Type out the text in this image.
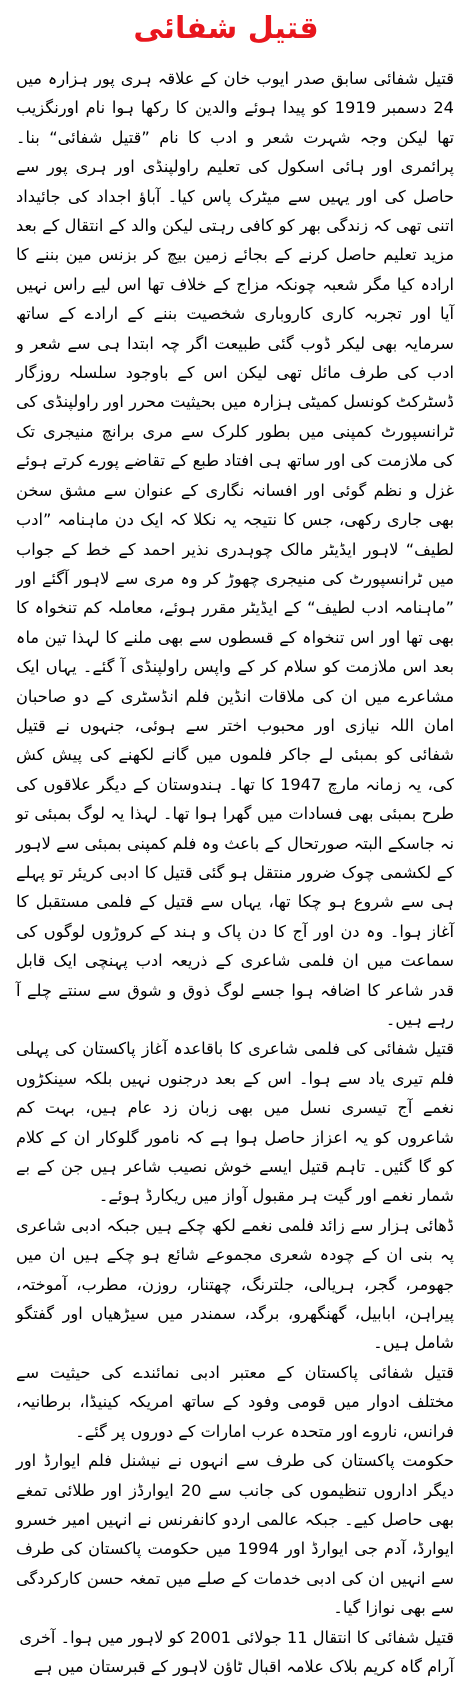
قتیل شفائی

قتیل شفائی سابق صدر ایوب خان کے علاقہ ہری پور ہزارہ میں 24 دسمبر 1919 کو پیدا ہوئے والدین کا رکھا ہوا نام اورنگزیب تھا لیکن وجہ شہرت شعر و ادب کا نام ”قتیل شفائی“ بنا۔ پرائمری اور ہائی اسکول کی تعلیم راولپنڈی اور ہری پور سے حاصل کی اور یہیں سے میٹرک پاس کیا۔ آباؤ اجداد کی جائیداد اتنی تھی کہ زندگی بھر کو کافی رہتی لیکن والد کے انتقال کے بعد مزید تعلیم حاصل کرنے کے بجائے زمین بیچ کر بزنس مین بننے کا ارادہ کیا مگر شعبہ چونکہ مزاج کے خلاف تھا اس لیے راس نہیں آیا اور تجربہ کاری کاروباری شخصیت بننے کے ارادے کے ساتھ سرمایہ بھی لیکر ڈوب گئی طبیعت اگر چہ ابتدا ہی سے شعر و ادب کی طرف مائل تھی لیکن اس کے باوجود سلسلہ روزگار ڈسٹرکٹ کونسل کمیٹی ہزارہ میں بحیثیت محرر اور راولپنڈی کی ٹرانسپورٹ کمپنی میں بطور کلرک سے مری برانچ منیجری تک کی ملازمت کی اور ساتھ ہی افتاد طبع کے تقاضے پورے کرتے ہوئے غزل و نظم گوئی اور افسانہ نگاری کے عنوان سے مشق سخن بھی جاری رکھی، جس کا نتیجہ یہ نکلا کہ ایک دن ماہنامہ ”ادب لطیف“ لاہور ایڈیٹر مالک چوہدری نذیر احمد کے خط کے جواب میں ٹرانسپورٹ کی منیجری چھوڑ کر وہ مری سے لاہور آگئے اور ”ماہنامہ ادب لطیف“ کے ایڈیٹر مقرر ہوئے، معاملہ کم تنخواہ کا بھی تھا اور اس تنخواہ کے قسطوں سے بھی ملنے کا لہذا تین ماہ بعد اس ملازمت کو سلام کر کے واپس راولپنڈی آ گئے۔ یہاں ایک مشاعرے میں ان کی ملاقات انڈین فلم انڈسٹری کے دو صاحبان امان اللہ نیازی اور محبوب اختر سے ہوئی، جنہوں نے قتیل شفائی کو بمبئی لے جاکر فلموں میں گانے لکھنے کی پیش کش کی، یہ زمانہ مارچ 1947 کا تھا۔ ہندوستان کے دیگر علاقوں کی طرح بمبئی بھی فسادات میں گھرا ہوا تھا۔ لہذا یہ لوگ بمبئی تو نہ جاسکے البتہ صورتحال کے باعث وہ فلم کمپنی بمبئی سے لاہور کے لکشمی چوک ضرور منتقل ہو گئی قتیل کا ادبی کریئر تو پہلے ہی سے شروع ہو چکا تھا، یہاں سے قتیل کے فلمی مستقبل کا آغاز ہوا۔ وہ دن اور آج کا دن پاک و ہند کے کروڑوں لوگوں کی سماعت میں ان فلمی شاعری کے ذریعہ ادب پہنچی ایک قابل قدر شاعر کا اضافہ ہوا جسے لوگ ذوق و شوق سے سنتے چلے آ رہے ہیں۔

قتیل شفائی کی فلمی شاعری کا باقاعدہ آغاز پاکستان کی پہلی فلم تیری یاد سے ہوا۔ اس کے بعد درجنوں نہیں بلکہ سینکڑوں نغمے آج تیسری نسل میں بھی زبان زد عام ہیں، بہت کم شاعروں کو یہ اعزاز حاصل ہوا ہے کہ نامور گلوکار ان کے کلام کو گا گئیں۔ تاہم قتیل ایسے خوش نصیب شاعر ہیں جن کے بے شمار نغمے اور گیت ہر مقبول آواز میں ریکارڈ ہوئے۔

ڈھائی ہزار سے زائد فلمی نغمے لکھ چکے ہیں جبکہ ادبی شاعری پہ بنی ان کے چودہ شعری مجموعے شائع ہو چکے ہیں ان میں جھومر، گجر، ہریالی، جلترنگ، چھتنار، روزن، مطرب، آموختہ، پیراہن، ابابیل، گھنگھرو، برگد، سمندر میں سیڑھیاں اور گفتگو شامل ہیں۔

قتیل شفائی پاکستان کے معتبر ادبی نمائندے کی حیثیت سے مختلف ادوار میں قومی وفود کے ساتھ امریکہ کینیڈا، برطانیہ، فرانس، ناروے اور متحدہ عرب امارات کے دوروں پر گئے۔

حکومت پاکستان کی طرف سے انہوں نے نیشنل فلم ایوارڈ اور دیگر اداروں تنظیموں کی جانب سے 20 ایوارڈز اور طلائی تمغے بھی حاصل کیے۔ جبکہ عالمی اردو کانفرنس نے انہیں امیر خسرو ایوارڈ، آدم جی ایوارڈ اور 1994 میں حکومت پاکستان کی طرف سے انہیں ان کی ادبی خدمات کے صلے میں تمغہ حسن کارکردگی سے بھی نوازا گیا۔

قتیل شفائی کا انتقال 11 جولائی 2001 کو لاہور میں ہوا۔ آخری آرام گاہ کریم بلاک علامہ اقبال ٹاؤن لاہور کے قبرستان میں ہے
